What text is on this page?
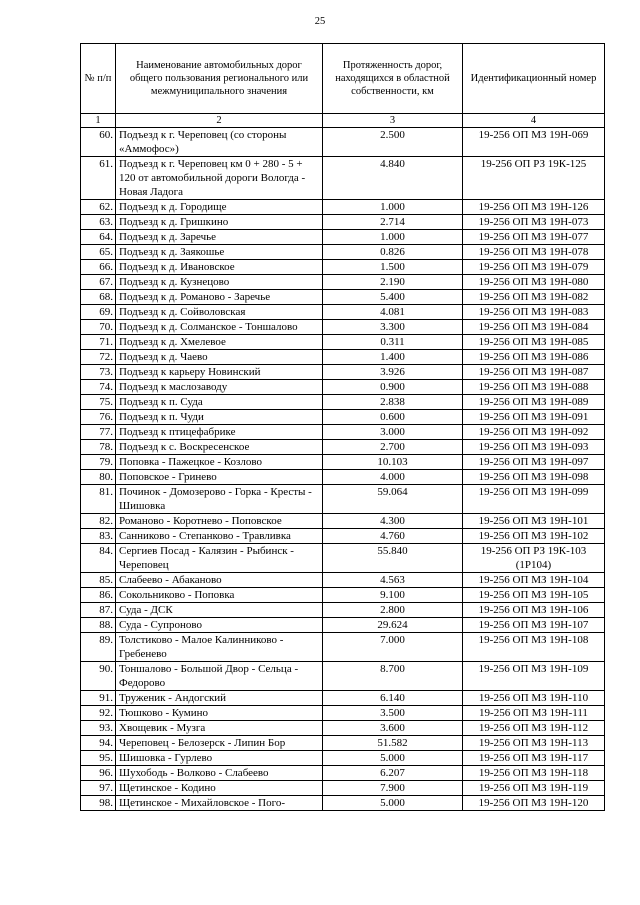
25
№ п/п	Наименование автомобильных дорог общего пользования регионального или межмуниципального значения	Протяженность дорог, находящихся в областной собственности, км	Идентификационный номер
1	2	3	4
60.	Подъезд к г. Череповец (со стороны «Аммофос»)	2.500	19-256 ОП МЗ 19Н-069
61.	Подъезд к г. Череповец км 0 + 280 - 5 + 120 от автомобильной дороги Вологда - Новая Ладога	4.840	19-256 ОП РЗ 19К-125
62.	Подъезд к д. Городище	1.000	19-256 ОП МЗ 19Н-126
63.	Подъезд к д. Гришкино	2.714	19-256 ОП МЗ 19Н-073
64.	Подъезд к д. Заречье	1.000	19-256 ОП МЗ 19Н-077
65.	Подъезд к д. Заякошье	0.826	19-256 ОП МЗ 19Н-078
66.	Подъезд к д. Ивановское	1.500	19-256 ОП МЗ 19Н-079
67.	Подъезд к д. Кузнецово	2.190	19-256 ОП МЗ 19Н-080
68.	Подъезд к д. Романово - Заречье	5.400	19-256 ОП МЗ 19Н-082
69.	Подъезд к д. Сойволовская	4.081	19-256 ОП МЗ 19Н-083
70.	Подъезд к д. Солманское - Тоншалово	3.300	19-256 ОП МЗ 19Н-084
71.	Подъезд к д. Хмелевое	0.311	19-256 ОП МЗ 19Н-085
72.	Подъезд к д. Чаево	1.400	19-256 ОП МЗ 19Н-086
73.	Подъезд к карьеру Новинский	3.926	19-256 ОП МЗ 19Н-087
74.	Подъезд к маслозаводу	0.900	19-256 ОП МЗ 19Н-088
75.	Подъезд к п. Суда	2.838	19-256 ОП МЗ 19Н-089
76.	Подъезд к п. Чуди	0.600	19-256 ОП МЗ 19Н-091
77.	Подъезд к птицефабрике	3.000	19-256 ОП МЗ 19Н-092
78.	Подъезд к с. Воскресенское	2.700	19-256 ОП МЗ 19Н-093
79.	Поповка - Пажецкое - Козлово	10.103	19-256 ОП МЗ 19Н-097
80.	Поповское - Гринево	4.000	19-256 ОП МЗ 19Н-098
81.	Починок - Домозерово - Горка - Кресты - Шишовка	59.064	19-256 ОП МЗ 19Н-099
82.	Романово - Коротнево - Поповское	4.300	19-256 ОП МЗ 19Н-101
83.	Санниково - Степанково - Травливка	4.760	19-256 ОП МЗ 19Н-102
84.	Сергиев Посад - Калязин - Рыбинск - Череповец	55.840	19-256 ОП РЗ 19К-103 (1Р104)
85.	Слабеево - Абаканово	4.563	19-256 ОП МЗ 19Н-104
86.	Сокольниково - Поповка	9.100	19-256 ОП МЗ 19Н-105
87.	Суда - ДСК	2.800	19-256 ОП МЗ 19Н-106
88.	Суда - Супроново	29.624	19-256 ОП МЗ 19Н-107
89.	Толстиково - Малое Калинниково - Гребенево	7.000	19-256 ОП МЗ 19Н-108
90.	Тоншалово - Большой Двор - Сельца - Федорово	8.700	19-256 ОП МЗ 19Н-109
91.	Труженик - Андогский	6.140	19-256 ОП МЗ 19Н-110
92.	Тюшково - Кумино	3.500	19-256 ОП МЗ 19Н-111
93.	Хвощевик - Музга	3.600	19-256 ОП МЗ 19Н-112
94.	Череповец - Белозерск - Липин Бор	51.582	19-256 ОП МЗ 19Н-113
95.	Шишовка - Гурлево	5.000	19-256 ОП МЗ 19Н-117
96.	Шухободь - Волково - Слабеево	6.207	19-256 ОП МЗ 19Н-118
97.	Щетинское - Кодино	7.900	19-256 ОП МЗ 19Н-119
98.	Щетинское - Михайловское - Пого-	5.000	19-256 ОП МЗ 19Н-120
